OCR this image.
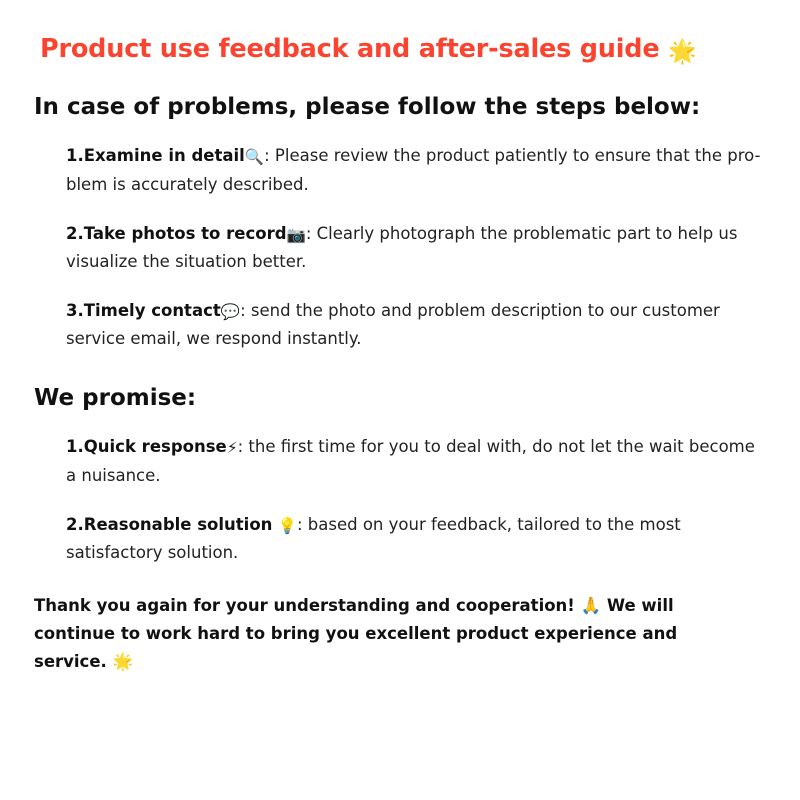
Product use feedback and after-sales guide 🌟
In case of problems, please follow the steps below:

1.Examine in detail🔍: Please review the product patiently to ensure that the pro-blem is accurately described.

2.Take photos to record📷: Clearly photograph the problematic part to help us visualize the situation better.

3.Timely contact💬: send the photo and problem description to our customer service email, we respond instantly.

We promise:

1.Quick response⚡: the first time for you to deal with, do not let the wait become a nuisance.

2.Reasonable solution 💡: based on your feedback, tailored to the most satisfactory solution.

Thank you again for your understanding and cooperation! 🙏 We will continue to work hard to bring you excellent product experience and service. 🌟
